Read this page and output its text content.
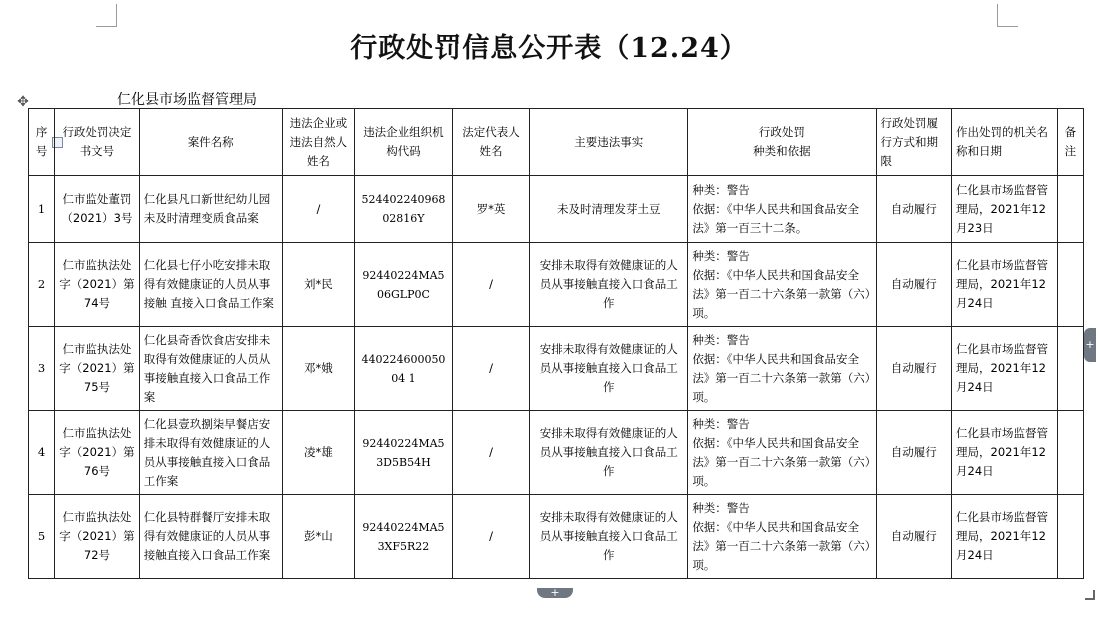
行政处罚信息公开表（12.24）
仁化县市场监督管理局
✥
序号	行政处罚决定书文号	案件名称	违法企业或违法自然人姓名	违法企业组织机构代码	法定代表人姓名	主要违法事实	行政处罚
种类和依据	行政处罚履行方式和期限	作出处罚的机关名称和日期	备注
1	仁市监处董罚（2021）3号	仁化县凡口新世纪幼儿园未及时清理变质食品案	/	52440224096802816Y	罗*英	未及时清理发芽土豆	种类：警告
依据：《中华人民共和国食品安全法》第一百三十二条。	自动履行	仁化县市场监督管理局，2021年12月23日	
2	仁市监执法处字（2021）第74号	仁化县七仔小吃安排未取得有效健康证的人员从事接触 直接入口食品工作案	刘*民	92440224MA506GLP0C	/	安排未取得有效健康证的人员从事接触直接入口食品工作	种类：警告
依据：《中华人民共和国食品安全法》第一百二十六条第一款第（六）项。	自动履行	仁化县市场监督管理局，2021年12月24日	
3	仁市监执法处字（2021）第75号	仁化县奇香饮食店安排未取得有效健康证的人员从事接触直接入口食品工作案	邓*娥	44022460005004 1	/	安排未取得有效健康证的人员从事接触直接入口食品工作	种类：警告
依据：《中华人民共和国食品安全法》第一百二十六条第一款第（六）项。	自动履行	仁化县市场监督管理局，2021年12月24日	
4	仁市监执法处字（2021）第76号	仁化县壹玖捌柒早餐店安排未取得有效健康证的人员从事接触直接入口食品工作案	凌*雄	92440224MA53D5B54H	/	安排未取得有效健康证的人员从事接触直接入口食品工作	种类：警告
依据：《中华人民共和国食品安全法》第一百二十六条第一款第（六）项。	自动履行	仁化县市场监督管理局，2021年12月24日	
5	仁市监执法处字（2021）第72号	仁化县特群餐厅安排未取得有效健康证的人员从事接触直接入口食品工作案	彭*山	92440224MA53XF5R22	/	安排未取得有效健康证的人员从事接触直接入口食品工作	种类：警告
依据：《中华人民共和国食品安全法》第一百二十六条第一款第（六）项。	自动履行	仁化县市场监督管理局，2021年12月24日	
+
+
